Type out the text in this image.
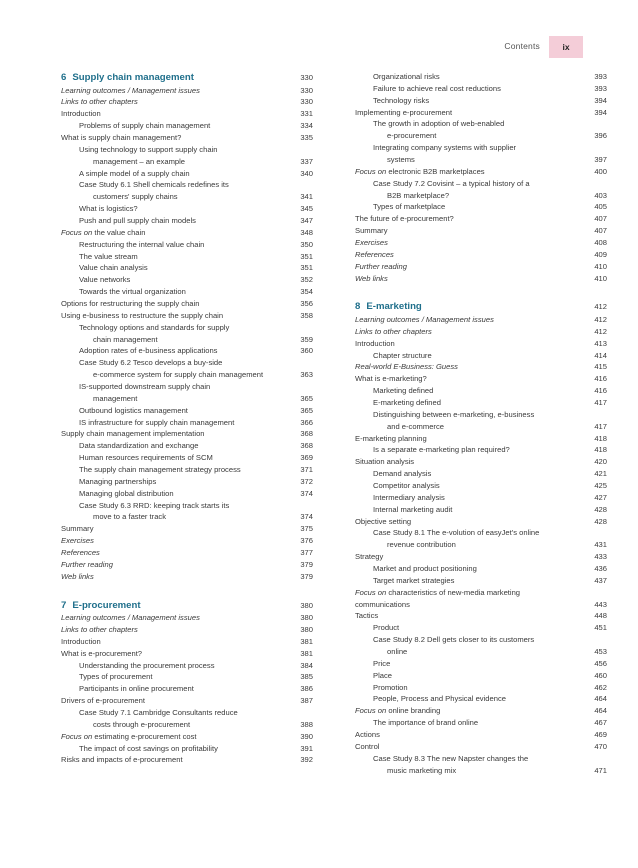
Contents	ix
6 Supply chain management	330
Learning outcomes / Management issues	330
Links to other chapters	330
Introduction	331
Problems of supply chain management	334
What is supply chain management?	335
Using technology to support supply chain
management – an example	337
A simple model of a supply chain	340
Case Study 6.1 Shell chemicals redefines its
customers' supply chains	341
What is logistics?	345
Push and pull supply chain models	347
Focus on the value chain	348
Restructuring the internal value chain	350
The value stream	351
Value chain analysis	351
Value networks	352
Towards the virtual organization	354
Options for restructuring the supply chain	356
Using e-business to restructure the supply chain	358
Technology options and standards for supply
chain management	359
Adoption rates of e-business applications	360
Case Study 6.2 Tesco develops a buy-side
e-commerce system for supply chain management	363
IS-supported downstream supply chain
management	365
Outbound logistics management	365
IS infrastructure for supply chain management	366
Supply chain management implementation	368
Data standardization and exchange	368
Human resources requirements of SCM	369
The supply chain management strategy process	371
Managing partnerships	372
Managing global distribution	374
Case Study 6.3 RRD: keeping track starts its
move to a faster track	374
Summary	375
Exercises	376
References	377
Further reading	379
Web links	379
7 E-procurement	380
Learning outcomes / Management issues	380
Links to other chapters	380
Introduction	381
What is e-procurement?	381
Understanding the procurement process	384
Types of procurement	385
Participants in online procurement	386
Drivers of e-procurement	387
Case Study 7.1 Cambridge Consultants reduce
costs through e-procurement	388
Focus on estimating e-procurement cost	390
The impact of cost savings on profitability	391
Risks and impacts of e-procurement	392
Organizational risks	393
Failure to achieve real cost reductions	393
Technology risks	394
Implementing e-procurement	394
The growth in adoption of web-enabled
e-procurement	396
Integrating company systems with supplier
systems	397
Focus on electronic B2B marketplaces	400
Case Study 7.2 Covisint – a typical history of a
B2B marketplace?	403
Types of marketplace	405
The future of e-procurement?	407
Summary	407
Exercises	408
References	409
Further reading	410
Web links	410
8 E-marketing	412
Learning outcomes / Management issues	412
Links to other chapters	412
Introduction	413
Chapter structure	414
Real-world E-Business: Guess	415
What is e-marketing?	416
Marketing defined	416
E-marketing defined	417
Distinguishing between e-marketing, e-business
and e-commerce	417
E-marketing planning	418
Is a separate e-marketing plan required?	418
Situation analysis	420
Demand analysis	421
Competitor analysis	425
Intermediary analysis	427
Internal marketing audit	428
Objective setting	428
Case Study 8.1 The e-volution of easyJet's online
revenue contribution	431
Strategy	433
Market and product positioning	436
Target market strategies	437
Focus on characteristics of new-media marketing
communications	443
Tactics	448
Product	451
Case Study 8.2 Dell gets closer to its customers
online	453
Price	456
Place	460
Promotion	462
People, Process and Physical evidence	464
Focus on online branding	464
The importance of brand online	467
Actions	469
Control	470
Case Study 8.3 The new Napster changes the
music marketing mix	471
